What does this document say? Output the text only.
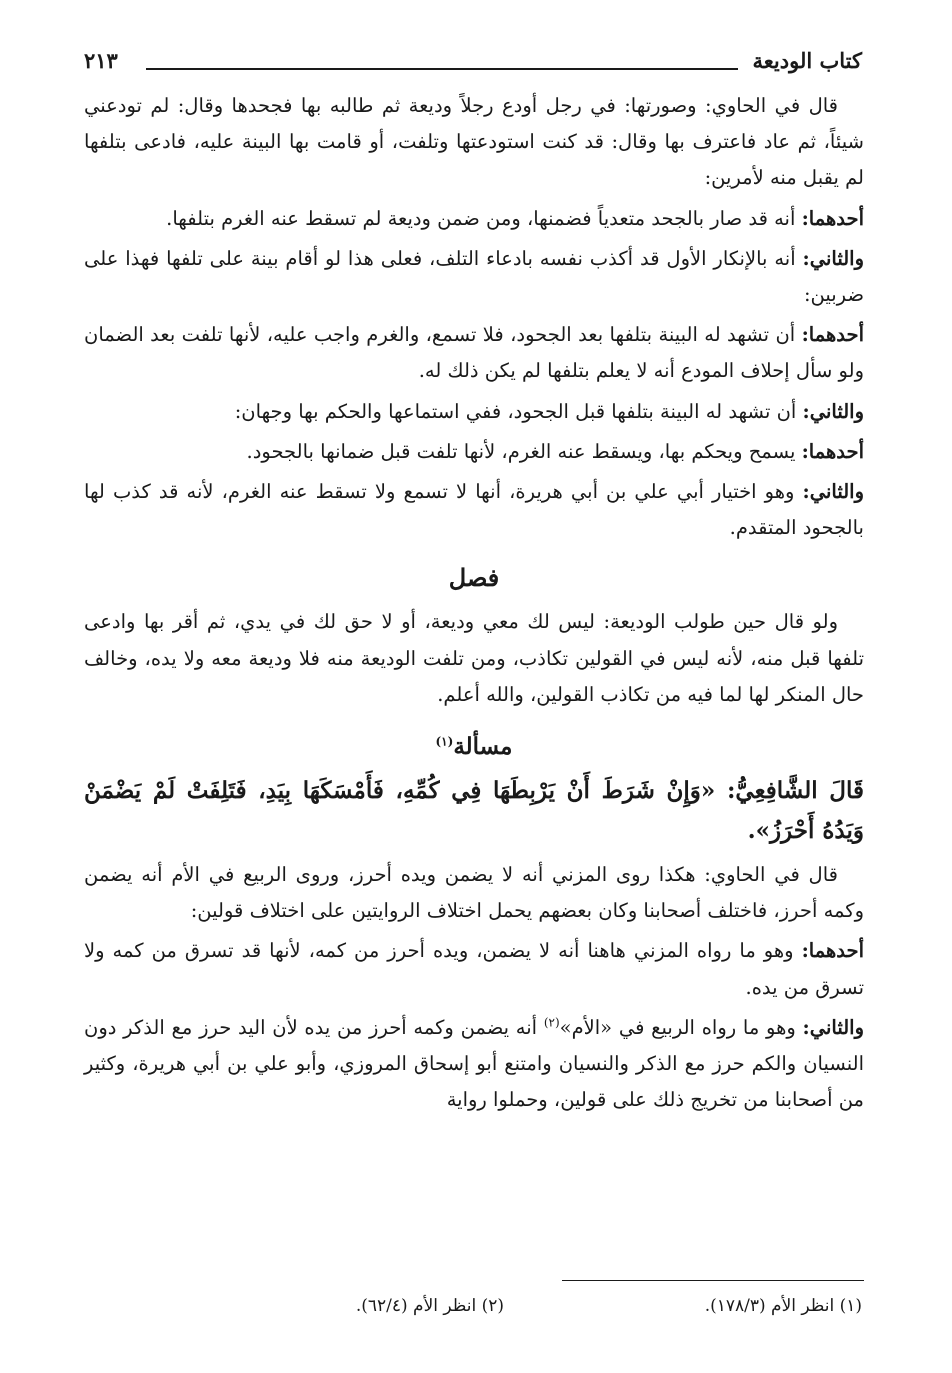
كتاب الوديعة
٢١٣

قال في الحاوي: وصورتها: في رجل أودع رجلاً وديعة ثم طالبه بها فجحدها وقال: لم تودعني شيئاً، ثم عاد فاعترف بها وقال: قد كنت استودعتها وتلفت، أو قامت بها البينة عليه، فادعى بتلفها لم يقبل منه لأمرين:

أحدهما: أنه قد صار بالجحد متعدياً فضمنها، ومن ضمن وديعة لم تسقط عنه الغرم بتلفها.

والثاني: أنه بالإنكار الأول قد أكذب نفسه بادعاء التلف، فعلى هذا لو أقام بينة على تلفها فهذا على ضربين:

أحدهما: أن تشهد له البينة بتلفها بعد الجحود، فلا تسمع، والغرم واجب عليه، لأنها تلفت بعد الضمان ولو سأل إحلاف المودع أنه لا يعلم بتلفها لم يكن ذلك له.

والثاني: أن تشهد له البينة بتلفها قبل الجحود، ففي استماعها والحكم بها وجهان:

أحدهما: يسمح ويحكم بها، ويسقط عنه الغرم، لأنها تلفت قبل ضمانها بالجحود.

والثاني: وهو اختيار أبي علي بن أبي هريرة، أنها لا تسمع ولا تسقط عنه الغرم، لأنه قد كذب لها بالجحود المتقدم.

فصل

ولو قال حين طولب الوديعة: ليس لك معي وديعة، أو لا حق لك في يدي، ثم أقر بها وادعى تلفها قبل منه، لأنه ليس في القولين تكاذب، ومن تلفت الوديعة منه فلا وديعة معه ولا يده، وخالف حال المنكر لها لما فيه من تكاذب القولين، والله أعلم.

مسألة$^{(١)}$

قَالَ الشَّافِعِيُّ: «وَإِنْ شَرَطَ أَنْ يَرْبِطَهَا فِي كُمِّهِ، فَأَمْسَكَهَا بِيَدِ، فَتَلِفَتْ لَمْ يَضْمَنْ وَيَدُهُ أَحْرَزُ».

قال في الحاوي: هكذا روى المزني أنه لا يضمن ويده أحرز، وروى الربيع في الأم أنه يضمن وكمه أحرز، فاختلف أصحابنا وكان بعضهم يحمل اختلاف الروايتين على اختلاف قولين:

أحدهما: وهو ما رواه المزني هاهنا أنه لا يضمن، ويده أحرز من كمه، لأنها قد تسرق من كمه ولا تسرق من يده.

والثاني: وهو ما رواه الربيع في «الأم»$^{(٢)}$ أنه يضمن وكمه أحرز من يده لأن اليد حرز مع الذكر دون النسيان والكم حرز مع الذكر والنسيان وامتنع أبو إسحاق المروزي، وأبو علي بن أبي هريرة، وكثير من أصحابنا من تخريج ذلك على قولين، وحملوا رواية

(١) انظر الأم (١٧٨/٣).
(٢) انظر الأم (٦٢/٤).
